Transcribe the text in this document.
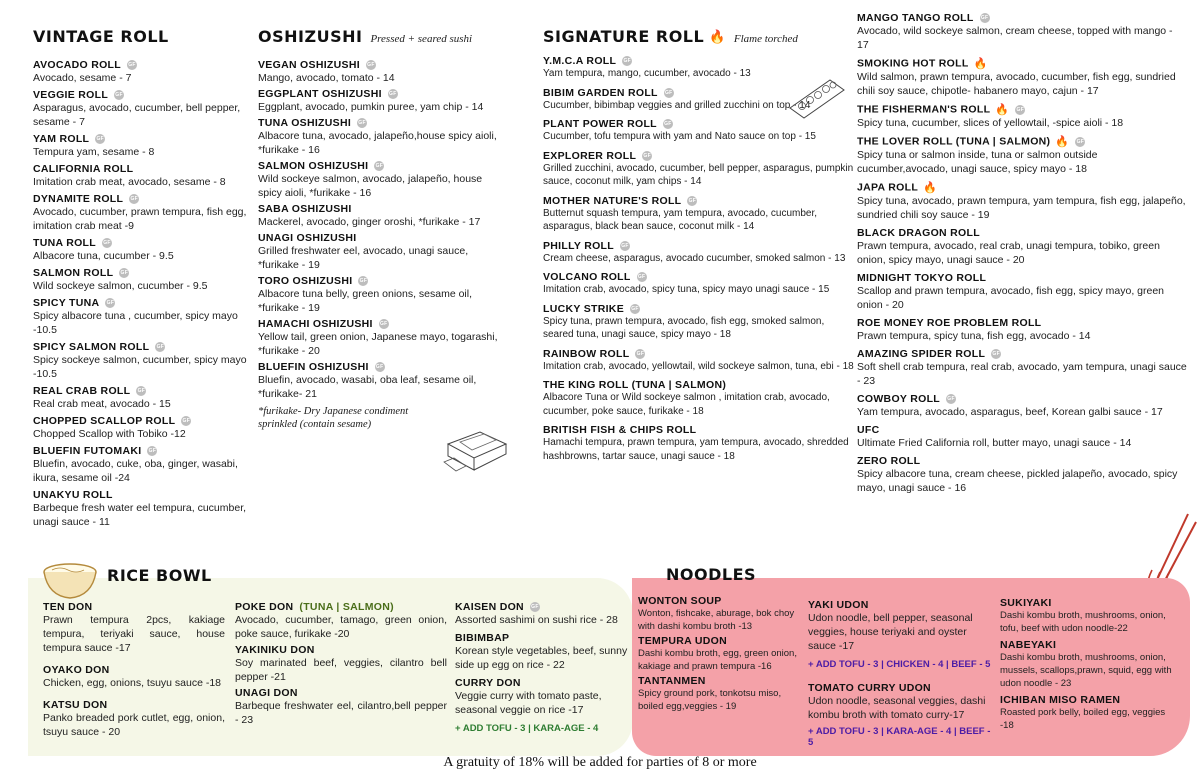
VINTAGE ROLL
AVOCADO ROLL GF
Avocado, sesame - 7
VEGGIE ROLL GF
Asparagus, avocado, cucumber, bell pepper, sesame - 7
YAM ROLL GF
Tempura yam, sesame - 8
CALIFORNIA ROLL
Imitation crab meat, avocado, sesame - 8
DYNAMITE ROLL GF
Avocado, cucumber, prawn tempura, fish egg, imitation crab meat -9
TUNA ROLL GF
Albacore tuna, cucumber - 9.5
SALMON ROLL GF
Wild sockeye salmon, cucumber - 9.5
SPICY TUNA GF
Spicy albacore tuna , cucumber, spicy mayo -10.5
SPICY SALMON ROLL GF
Spicy sockeye salmon, cucumber, spicy mayo -10.5
REAL CRAB ROLL GF
Real crab meat, avocado - 15
CHOPPED SCALLOP ROLL GF
Chopped Scallop with Tobiko -12
BLUEFIN FUTOMAKI GF
Bluefin, avocado, cuke, oba, ginger, wasabi, ikura, sesame oil -24
UNAKYU ROLL
Barbeque fresh water eel tempura, cucumber, unagi sauce - 11
OSHIZUSHI Pressed + seared sushi
VEGAN OSHIZUSHI GF
Mango, avocado, tomato - 14
EGGPLANT OSHIZUSHI GF
Eggplant, avocado, pumkin puree, yam chip - 14
TUNA OSHIZUSHI GF
Albacore tuna, avocado, jalapeño,house spicy aioli, *furikake - 16
SALMON OSHIZUSHI GF
Wild sockeye salmon, avocado, jalapeño, house spicy aioli, *furikake - 16
SABA OSHIZUSHI
Mackerel, avocado, ginger oroshi, *furikake - 17
UNAGI OSHIZUSHI
Grilled freshwater eel, avocado, unagi sauce, *furikake - 19
TORO OSHIZUSHI GF
Albacore tuna belly, green onions, sesame oil, *furikake - 19
HAMACHI OSHIZUSHI GF
Yellow tail, green onion, Japanese mayo, togarashi, *furikake - 20
BLUEFIN OSHIZUSHI GF
Bluefin, avocado, wasabi, oba leaf, sesame oil, *furikake- 21
*furikake- Dry Japanese condiment sprinkled (contain sesame)
SIGNATURE ROLL 🔥 Flame torched
Y.M.C.A ROLL GF
Yam tempura, mango, cucumber, avocado - 13
BIBIM GARDEN ROLL GF
Cucumber, bibimbap veggies and grilled zucchini on top - 14
PLANT POWER ROLL GF
Cucumber, tofu tempura with yam and Nato sauce on top - 15
EXPLORER ROLL GF
Grilled zucchini, avocado, cucumber, bell pepper, asparagus, pumpkin sauce, coconut milk, yam chips - 14
MOTHER NATURE'S ROLL GF
Butternut squash tempura, yam tempura, avocado, cucumber, asparagus, black bean sauce, coconut milk - 14
PHILLY ROLL GF
Cream cheese, asparagus, avocado cucumber, smoked salmon - 13
VOLCANO ROLL GF
Imitation crab, avocado, spicy tuna, spicy mayo unagi sauce - 15
LUCKY STRIKE GF
Spicy tuna, prawn tempura, avocado, fish egg, smoked salmon, seared tuna, unagi sauce, spicy mayo - 18
RAINBOW ROLL GF
Imitation crab, avocado, yellowtail, wild sockeye salmon, tuna, ebi - 18
THE KING ROLL (TUNA | SALMON)
Albacore Tuna or Wild sockeye salmon , imitation crab, avocado, cucumber, poke sauce, furikake - 18
BRITISH FISH & CHIPS ROLL
Hamachi tempura, prawn tempura, yam tempura, avocado, shredded hashbrowns, tartar sauce, unagi sauce - 18
MANGO TANGO ROLL GF
Avocado, wild sockeye salmon, cream cheese, topped with mango - 17
SMOKING HOT ROLL 🔥
Wild salmon, prawn tempura, avocado, cucumber, fish egg, sundried chili soy sauce, chipotle- habanero mayo, cajun - 17
THE FISHERMAN'S ROLL 🔥 GF
Spicy tuna, cucumber, slices of yellowtail, -spice aioli - 18
THE LOVER ROLL (TUNA | SALMON) 🔥 GF
Spicy tuna or salmon inside, tuna or salmon outside cucumber,avocado, unagi sauce, spicy mayo - 18
JAPA ROLL 🔥
Spicy tuna, avocado, prawn tempura, yam tempura, fish egg, jalapeño, sundried chili soy sauce - 19
BLACK DRAGON ROLL
Prawn tempura, avocado, real crab, unagi tempura, tobiko, green onion, spicy mayo, unagi sauce - 20
MIDNIGHT TOKYO ROLL
Scallop and prawn tempura, avocado, fish egg, spicy mayo, green onion - 20
ROE MONEY ROE PROBLEM ROLL
Prawn tempura, spicy tuna, fish egg, avocado - 14
AMAZING SPIDER ROLL GF
Soft shell crab tempura, real crab, avocado, yam tempura, unagi sauce - 23
COWBOY ROLL GF
Yam tempura, avocado, asparagus, beef, Korean galbi sauce - 17
UFC
Ultimate Fried California roll, butter mayo, unagi sauce - 14
ZERO ROLL
Spicy albacore tuna, cream cheese, pickled jalapeño, avocado, spicy mayo, unagi sauce - 16
RICE BOWL
TEN DON
Prawn tempura 2pcs, kakiage tempura, teriyaki sauce, house tempura sauce -17
OYAKO DON
Chicken, egg, onions, tsuyu sauce -18
KATSU DON
Panko breaded pork cutlet, egg, onion, tsuyu sauce - 20
POKE DON (TUNA | SALMON)
Avocado, cucumber, tamago, green onion, poke sauce, furikake -20
YAKINIKU DON
Soy marinated beef, veggies, cilantro bell pepper -21
UNAGI DON
Barbeque freshwater eel, cilantro,bell pepper - 23
KAISEN DON GF
Assorted sashimi on sushi rice - 28
BIBIMBAP
Korean style vegetables, beef, sunny side up egg on rice - 22
CURRY DON
Veggie curry with tomato paste, seasonal veggie on rice -17
+ ADD TOFU - 3 | KARA-AGE - 4
NOODLES
WONTON SOUP
Wonton, fishcake, aburage, bok choy with dashi kombu broth -13
TEMPURA UDON
Dashi kombu broth, egg, green onion, kakiage and prawn tempura -16
TANTANMEN
Spicy ground pork, tonkotsu miso, boiled egg,veggies - 19
YAKI UDON
Udon noodle, bell pepper, seasonal veggies, house teriyaki and oyster sauce -17
+ ADD TOFU - 3 | CHICKEN - 4 | BEEF - 5
TOMATO CURRY UDON
Udon noodle, seasonal veggies, dashi kombu broth with tomato curry-17
+ ADD TOFU - 3 | KARA-AGE - 4 | BEEF - 5
SUKIYAKI
Dashi kombu broth, mushrooms, onion, tofu, beef with udon noodle-22
NABEYAKI
Dashi kombu broth, mushrooms, onion, mussels, scallops,prawn, squid, egg with udon noodle - 23
ICHIBAN MISO RAMEN
Roasted pork belly, boiled egg, veggies -18
A gratuity of 18% will be added for parties of 8 or more
